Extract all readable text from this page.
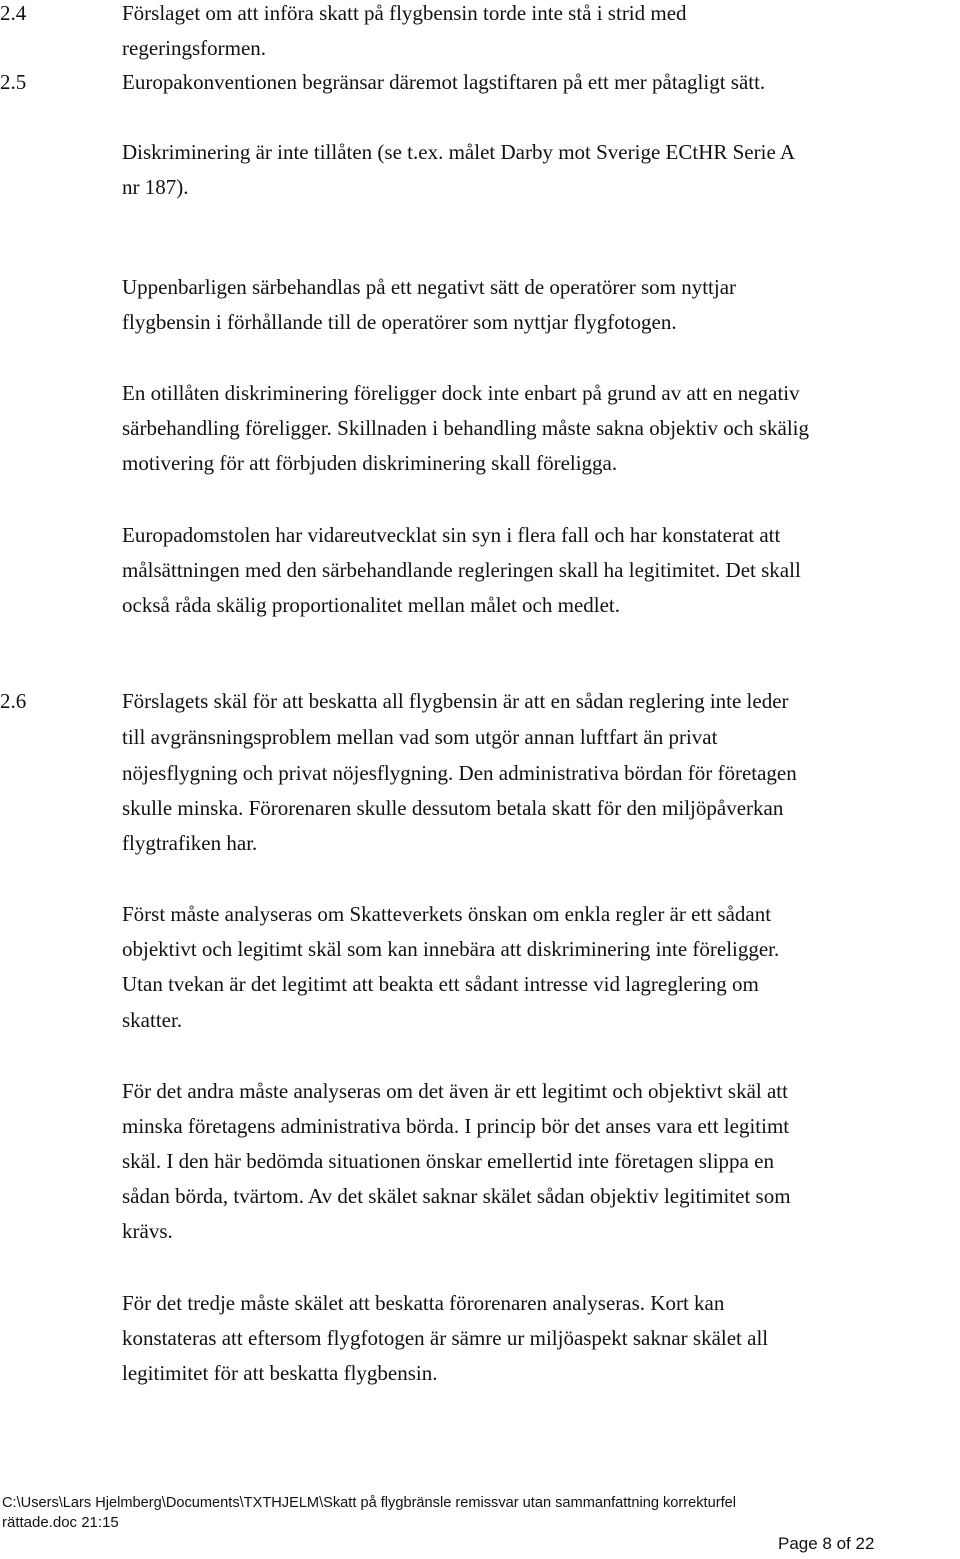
2.4	Förslaget om att införa skatt på flygbensin torde inte stå i strid med
regeringsformen.
2.5	Europakonventionen begränsar däremot lagstiftaren på ett mer påtagligt sätt.
Diskriminering är inte tillåten (se t.ex. målet Darby mot Sverige ECtHR Serie A
nr 187).
Uppenbarligen särbehandlas på ett negativt sätt de operatörer som nyttjar
flygbensin i förhållande till de operatörer som nyttjar flygfotogen.
En otillåten diskriminering föreligger dock inte enbart på grund av att en negativ
särbehandling föreligger. Skillnaden i behandling måste sakna objektiv och skälig
motivering för att förbjuden diskriminering skall föreligga.
Europadomstolen har vidareutvecklat sin syn i flera fall och har konstaterat att
målsättningen med den särbehandlande regleringen skall ha legitimitet. Det skall
också råda skälig proportionalitet mellan målet och medlet.
2.6	Förslagets skäl för att beskatta all flygbensin är att en sådan reglering inte leder
till avgränsningsproblem mellan vad som utgör annan luftfart än privat
nöjesflygning och privat nöjesflygning. Den administrativa bördan för företagen
skulle minska. Förorenaren skulle dessutom betala skatt för den miljöpåverkan
flygtrafiken har.
Först måste analyseras om Skatteverkets önskan om enkla regler är ett sådant
objektivt och legitimt skäl som kan innebära att diskriminering inte föreligger.
Utan tvekan är det legitimt att beakta ett sådant intresse vid lagreglering om
skatter.
För det andra måste analyseras om det även är ett legitimt och objektivt skäl att
minska företagens administrativa börda. I princip bör det anses vara ett legitimt
skäl. I den här bedömda situationen önskar emellertid inte företagen slippa en
sådan börda, tvärtom. Av det skälet saknar skälet sådan objektiv legitimitet som
krävs.
För det tredje måste skälet att beskatta förorenaren analyseras. Kort kan
konstateras att eftersom flygfotogen är sämre ur miljöaspekt saknar skälet all
legitimitet för att beskatta flygbensin.
C:\Users\Lars Hjelmberg\Documents\TXTHJELM\Skatt på flygbränsle remissvar utan sammanfattning korrekturfel
rättade.doc 21:15
Page 8 of 22
